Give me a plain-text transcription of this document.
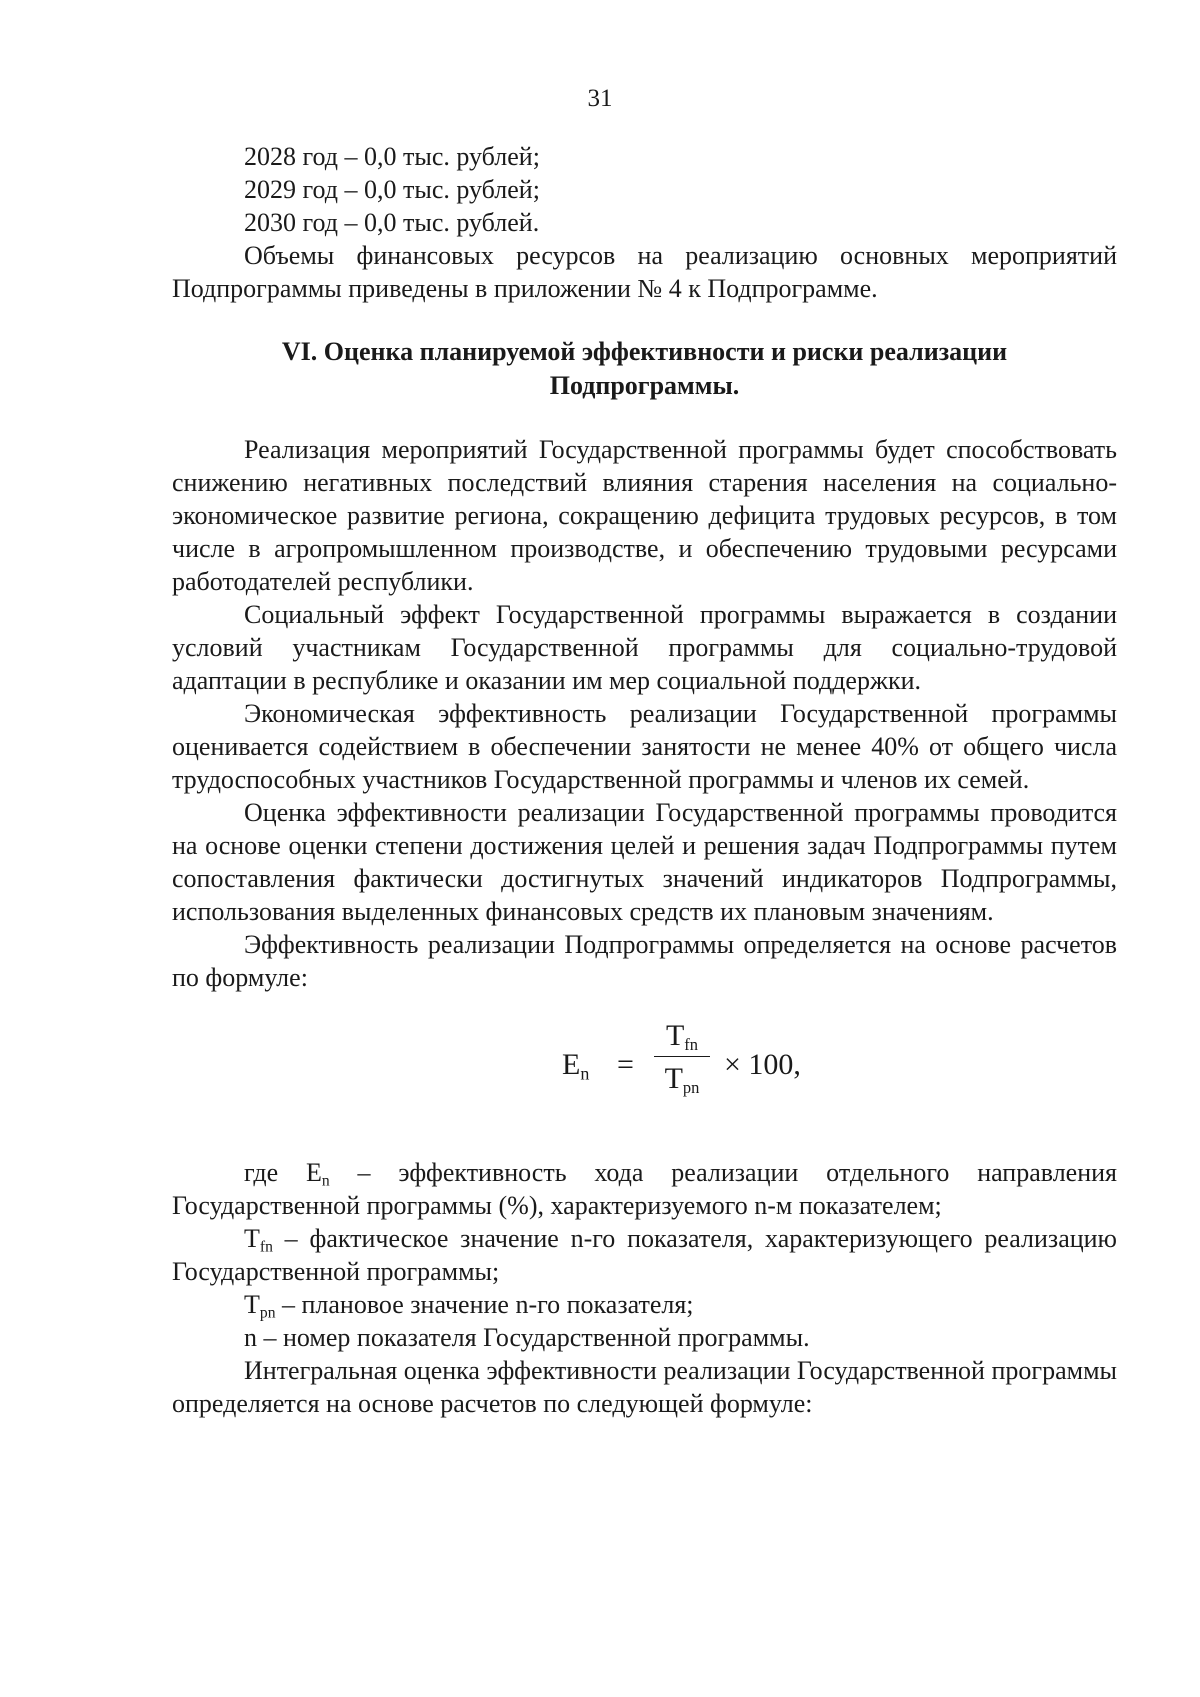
31

2028 год – 0,0 тыс. рублей;

2029 год – 0,0 тыс. рублей;

2030 год – 0,0 тыс. рублей.

Объемы финансовых ресурсов на реализацию основных мероприятий Подпрограммы приведены в приложении № 4 к Подпрограмме.

VI. Оценка планируемой эффективности и риски реализации
Подпрограммы.

Реализация мероприятий Государственной программы будет способствовать снижению негативных последствий влияния старения населения на социально-экономическое развитие региона, сокращению дефицита трудовых ресурсов, в том числе в агропромышленном производстве, и обеспечению трудовыми ресурсами работодателей республики.

Социальный эффект Государственной программы выражается в создании условий участникам Государственной программы для социально-трудовой адаптации в республике и оказании им мер социальной поддержки.

Экономическая эффективность реализации Государственной программы оценивается содействием в обеспечении занятости не менее 40% от общего числа трудоспособных участников Государственной программы и членов их семей.

Оценка эффективности реализации Государственной программы проводится на основе оценки степени достижения целей и решения задач Подпрограммы путем сопоставления фактически достигнутых значений индикаторов Подпрограммы, использования выделенных финансовых средств их плановым значениям.

Эффективность реализации Подпрограммы определяется на основе расчетов по формуле:

$E_n$ =
$T_{fn}$
$T_{pn}$
× 100,

где $E_n$ – эффективность хода реализации отдельного направления Государственной программы (%), характеризуемого n-м показателем;

$T_{fn}$ – фактическое значение n-го показателя, характеризующего реализацию Государственной программы;

$T_{pn}$ – плановое значение n-го показателя;

n – номер показателя Государственной программы.

Интегральная оценка эффективности реализации Государственной программы определяется на основе расчетов по следующей формуле:
